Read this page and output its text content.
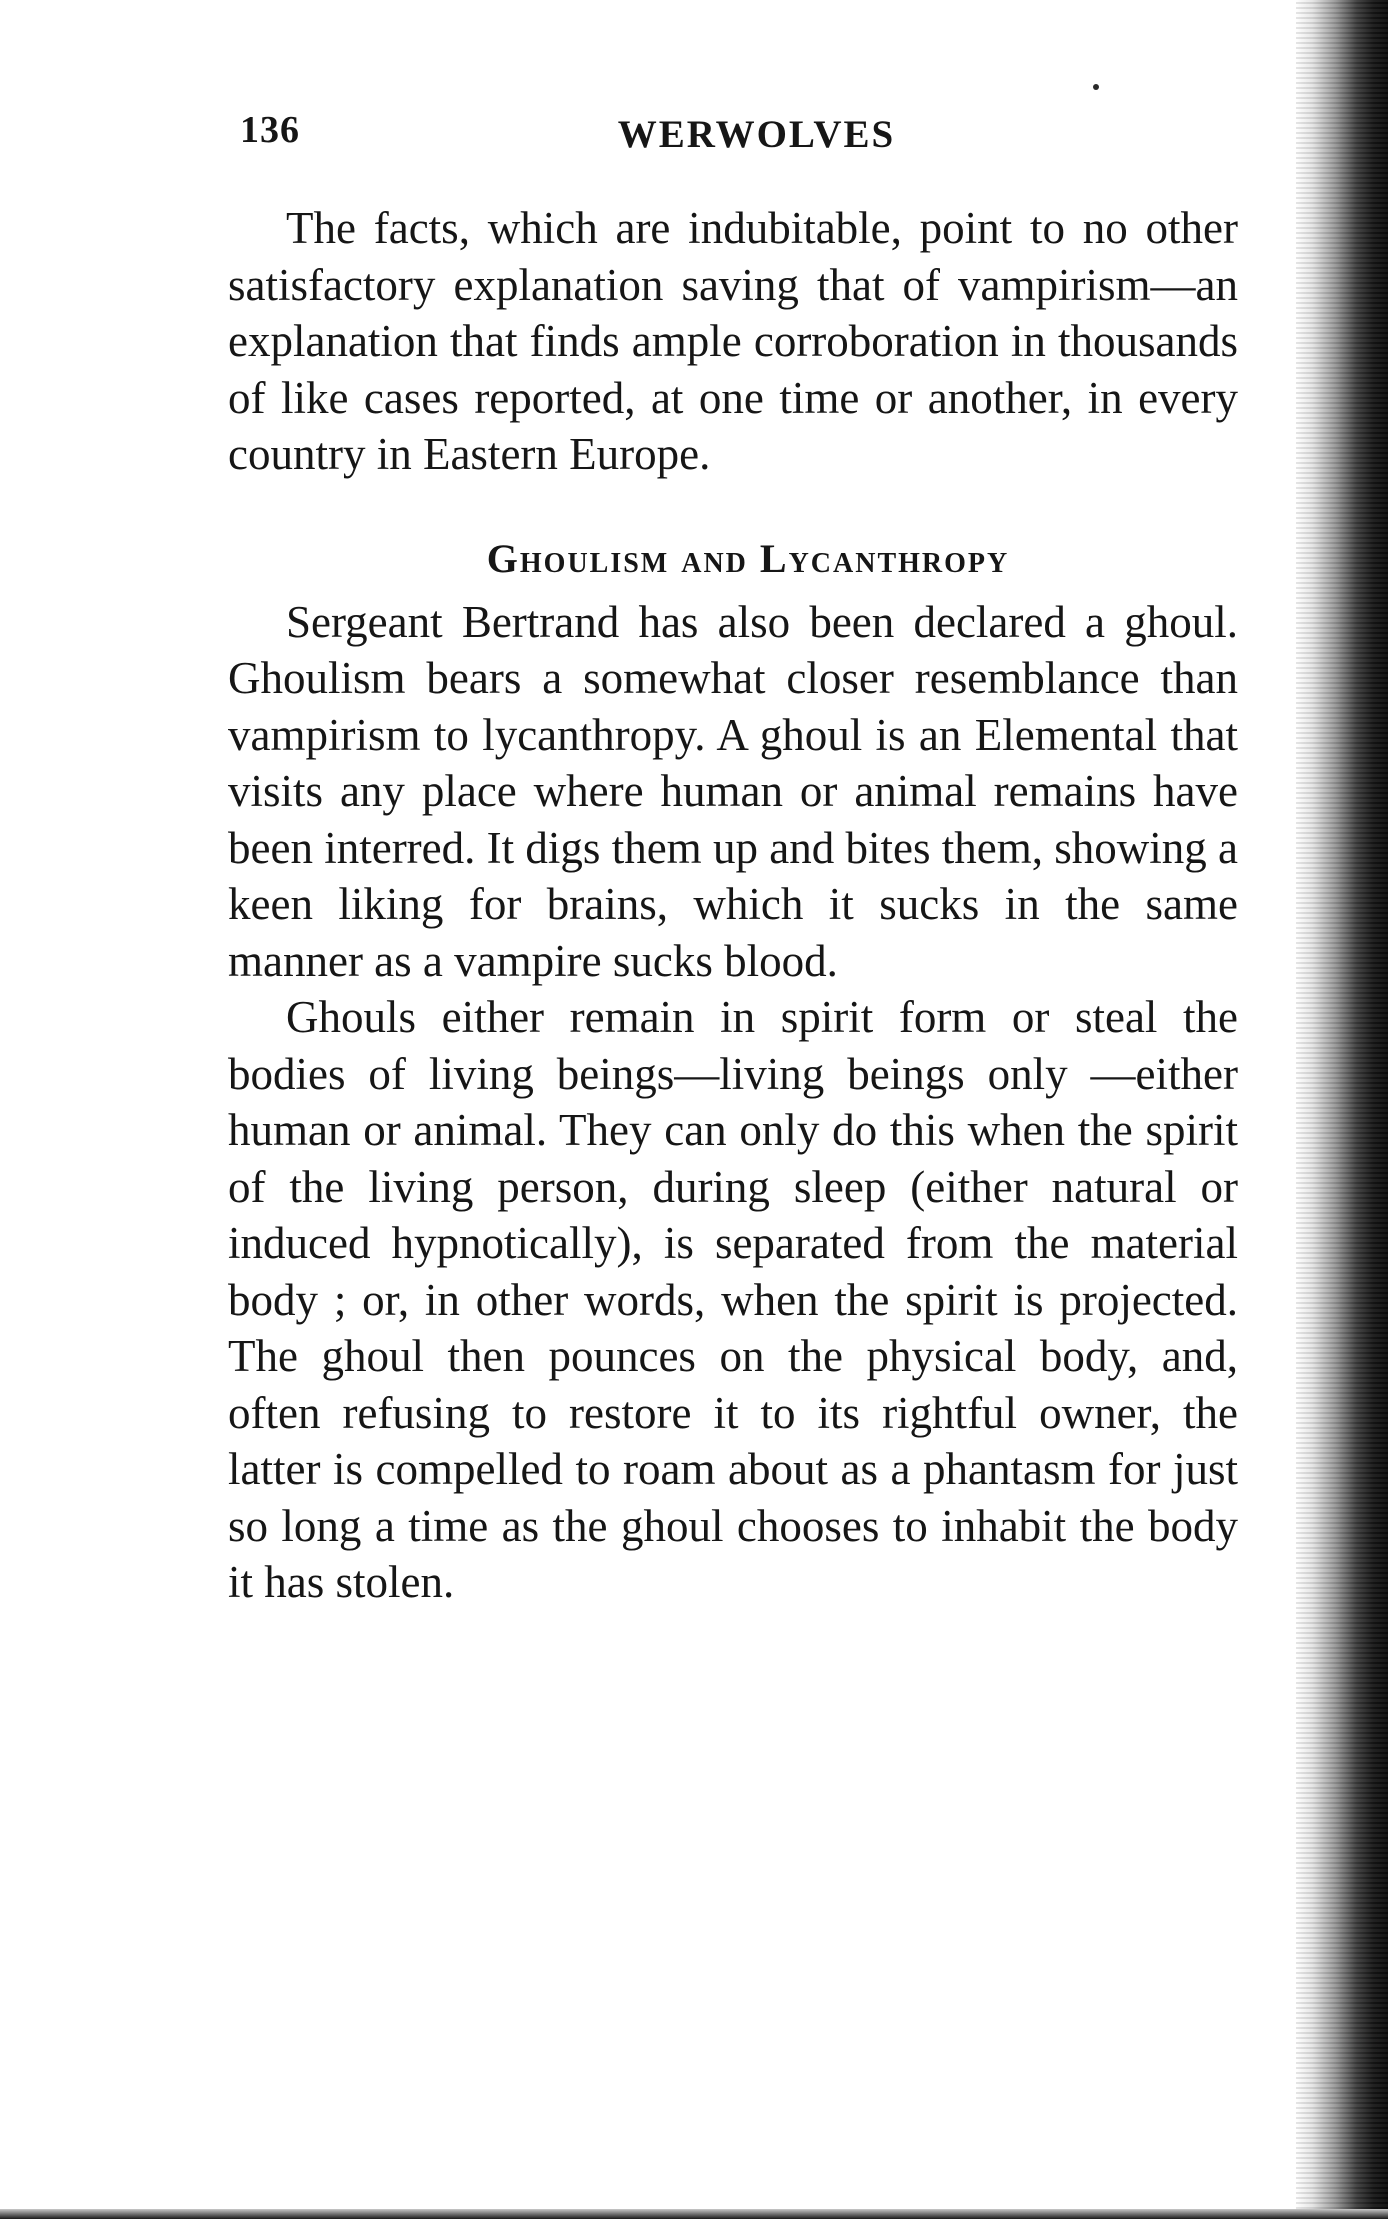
136	WERWOLVES

The facts, which are indubitable, point to no other satisfactory explanation saving that of vampirism—an explanation that finds ample corroboration in thousands of like cases reported, at one time or another, in every country in Eastern Europe.

Ghoulism and Lycanthropy

Sergeant Bertrand has also been declared a ghoul. Ghoulism bears a somewhat closer resemblance than vampirism to lycanthropy. A ghoul is an Elemental that visits any place where human or animal remains have been interred. It digs them up and bites them, showing a keen liking for brains, which it sucks in the same manner as a vampire sucks blood.

Ghouls either remain in spirit form or steal the bodies of living beings—living beings only —either human or animal. They can only do this when the spirit of the living person, during sleep (either natural or induced hypnotically), is separated from the material body ; or, in other words, when the spirit is projected. The ghoul then pounces on the physical body, and, often refusing to restore it to its rightful owner, the latter is compelled to roam about as a phantasm for just so long a time as the ghoul chooses to inhabit the body it has stolen.
